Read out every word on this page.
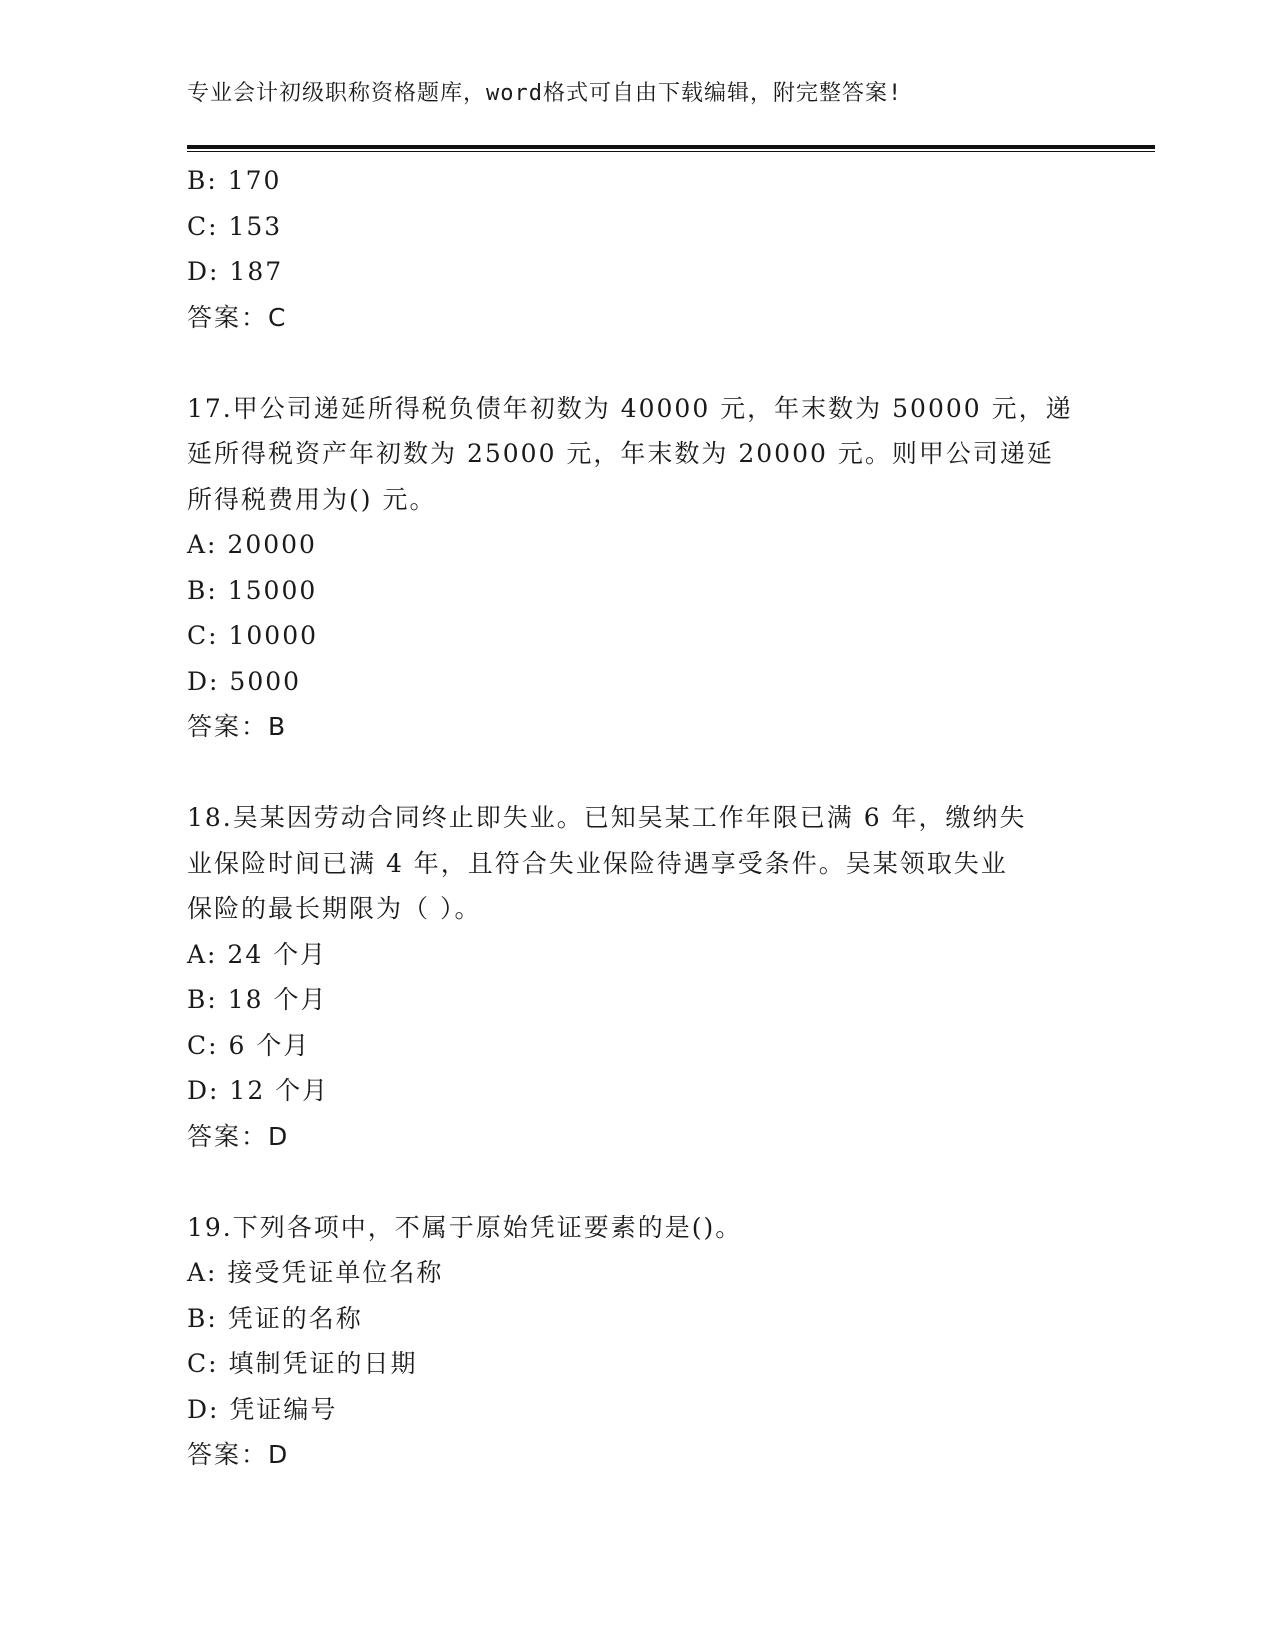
专业会计初级职称资格题库，word格式可自由下载编辑，附完整答案!
B: 170
C: 153
D: 187
答案：C
17.甲公司递延所得税负债年初数为 40000 元，年末数为 50000 元，递
延所得税资产年初数为 25000 元，年末数为 20000 元。则甲公司递延
所得税费用为() 元。
A: 20000
B: 15000
C: 10000
D: 5000
答案：B
18.吴某因劳动合同终止即失业。已知吴某工作年限已满 6 年，缴纳失
业保险时间已满 4 年，且符合失业保险待遇享受条件。吴某领取失业
保险的最长期限为（ ）。
A: 24 个月
B: 18 个月
C: 6 个月
D: 12 个月
答案：D
19.下列各项中，不属于原始凭证要素的是()。
A: 接受凭证单位名称
B: 凭证的名称
C: 填制凭证的日期
D: 凭证编号
答案：D
